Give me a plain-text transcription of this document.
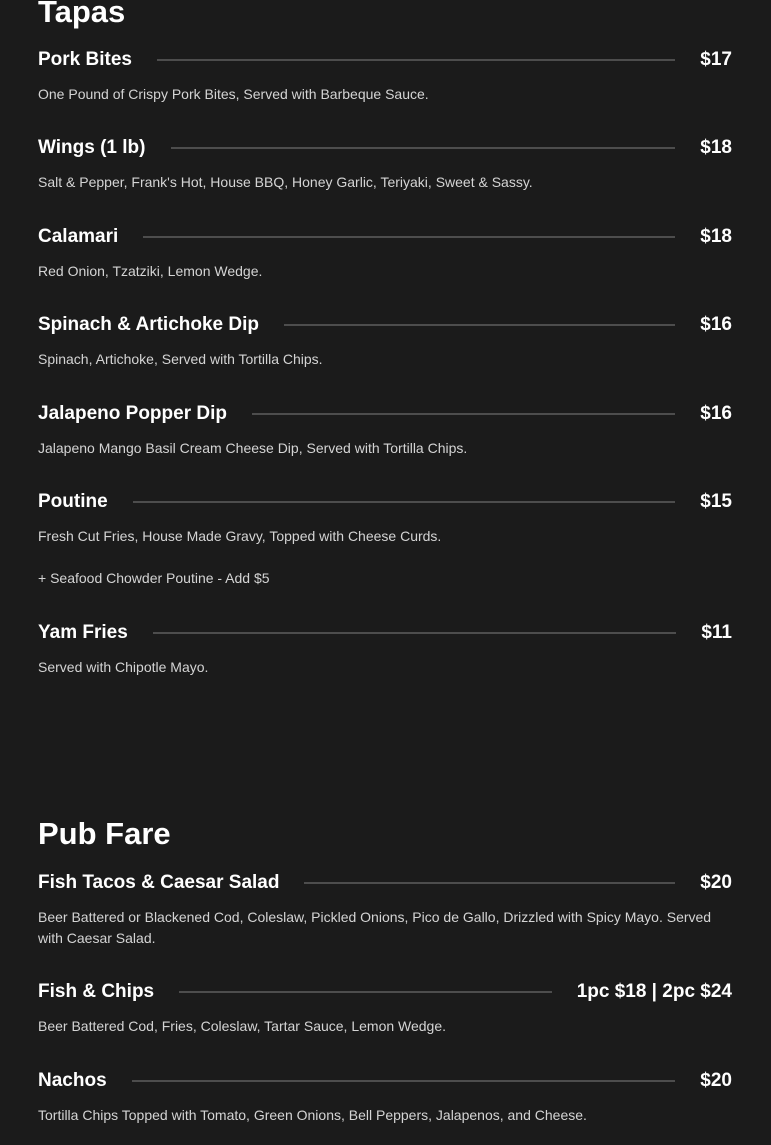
Tapas
Pork Bites	$17
One Pound of Crispy Pork Bites, Served with Barbeque Sauce.
Wings (1 lb)	$18
Salt & Pepper, Frank's Hot, House BBQ, Honey Garlic, Teriyaki, Sweet & Sassy.
Calamari	$18
Red Onion, Tzatziki, Lemon Wedge.
Spinach & Artichoke Dip	$16
Spinach, Artichoke, Served with Tortilla Chips.
Jalapeno Popper Dip	$16
Jalapeno Mango Basil Cream Cheese Dip, Served with Tortilla Chips.
Poutine	$15
Fresh Cut Fries, House Made Gravy, Topped with Cheese Curds.
+ Seafood Chowder Poutine - Add $5
Yam Fries	$11
Served with Chipotle Mayo.
Pub Fare
Fish Tacos & Caesar Salad	$20
Beer Battered or Blackened Cod, Coleslaw, Pickled Onions, Pico de Gallo, Drizzled with Spicy Mayo. Served with Caesar Salad.
Fish & Chips	1pc $18 | 2pc $24
Beer Battered Cod, Fries, Coleslaw, Tartar Sauce, Lemon Wedge.
Nachos	$20
Tortilla Chips Topped with Tomato, Green Onions, Bell Peppers, Jalapenos, and Cheese.
